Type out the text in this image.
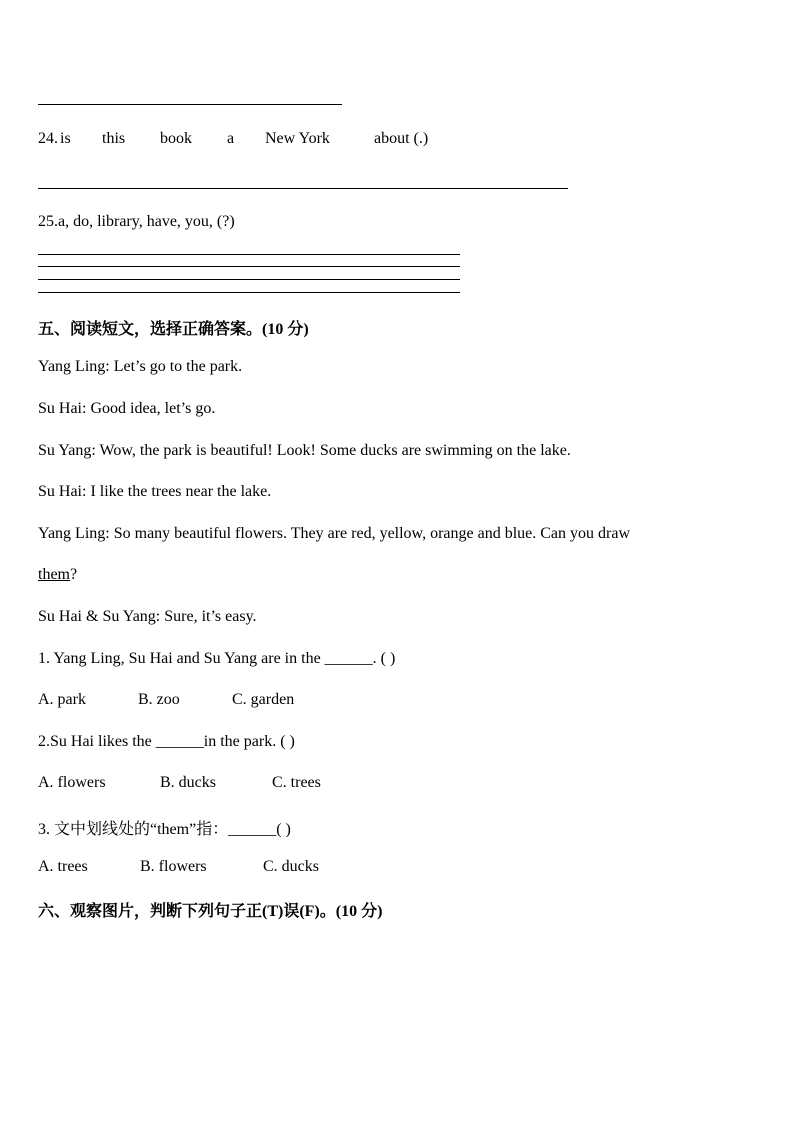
24. is this book a New York	about (.)
25.a, do, library, have, you, (?)
五、阅读短文，选择正确答案。(10 分)
Yang Ling: Let’s go to the park.
Su Hai: Good idea, let’s go.
Su Yang: Wow, the park is beautiful! Look! Some ducks are swimming on the lake.
Su Hai: I like the trees near the lake.
Yang Ling: So many beautiful flowers. They are red, yellow, orange and blue. Can you draw
them?
Su Hai & Su Yang: Sure, it’s easy.
1. Yang Ling, Su Hai and Su Yang are in the ______. ( )
A. park	B. zoo	C. garden
2.Su Hai likes the ______in the park. ( )
A. flowers	B. ducks	C. trees
3. 文中划线处的“them”指：______( )
A. trees	B. flowers	C. ducks
六、观察图片，判断下列句子正(T)误(F)。(10 分)
